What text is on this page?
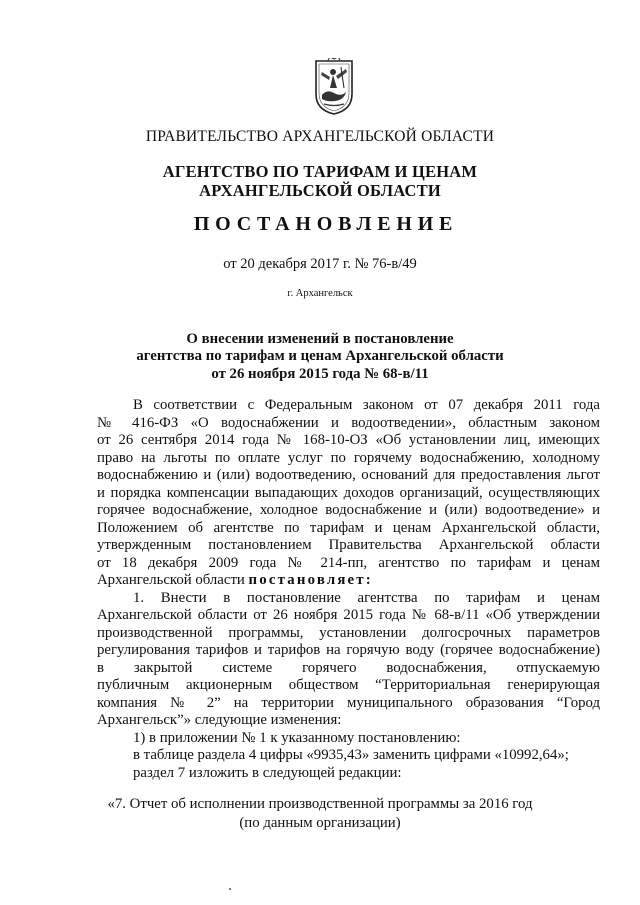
ПРАВИТЕЛЬСТВО АРХАНГЕЛЬСКОЙ ОБЛАСТИ

АГЕНТСТВО ПО ТАРИФАМ И ЦЕНАМ

АРХАНГЕЛЬСКОЙ ОБЛАСТИ

ПОСТАНОВЛЕНИЕ

от 20 декабря 2017 г. № 76-в/49

г. Архангельск

О внесении изменений в постановление

агентства по тарифам и ценам Архангельской области

от 26 ноября 2015 года № 68-в/11

В соответствии с Федеральным законом от 07 декабря 2011 года
№ 416-ФЗ «О водоснабжении и водоотведении», областным законом
от 26 сентября 2014 года № 168-10-ОЗ «Об установлении лиц, имеющих
право на льготы по оплате услуг по горячему водоснабжению, холодному
водоснабжению и (или) водоотведению, оснований для предоставления льгот
и порядка компенсации выпадающих доходов организаций, осуществляющих
горячее водоснабжение, холодное водоснабжение и (или) водоотведение» и
Положением об агентстве по тарифам и ценам Архангельской области,
утвержденным постановлением Правительства Архангельской области
от 18 декабря 2009 года № 214-пп, агентство по тарифам и ценам
Архангельской области постановляет:
1. Внести в постановление агентства по тарифам и ценам
Архангельской области от 26 ноября 2015 года № 68-в/11 «Об утверждении
производственной программы, установлении долгосрочных параметров
регулирования тарифов и тарифов на горячую воду (горячее водоснабжение)
в закрытой системе горячего водоснабжения, отпускаемую
публичным акционерным обществом “Территориальная генерирующая
компания № 2” на территории муниципального образования “Город
Архангельск”» следующие изменения:
1) в приложении № 1 к указанному постановлению:
в таблице раздела 4 цифры «9935,43» заменить цифрами «10992,64»;
раздел 7 изложить в следующей редакции:

«7. Отчет об исполнении производственной программы за 2016 год

(по данным организации)
